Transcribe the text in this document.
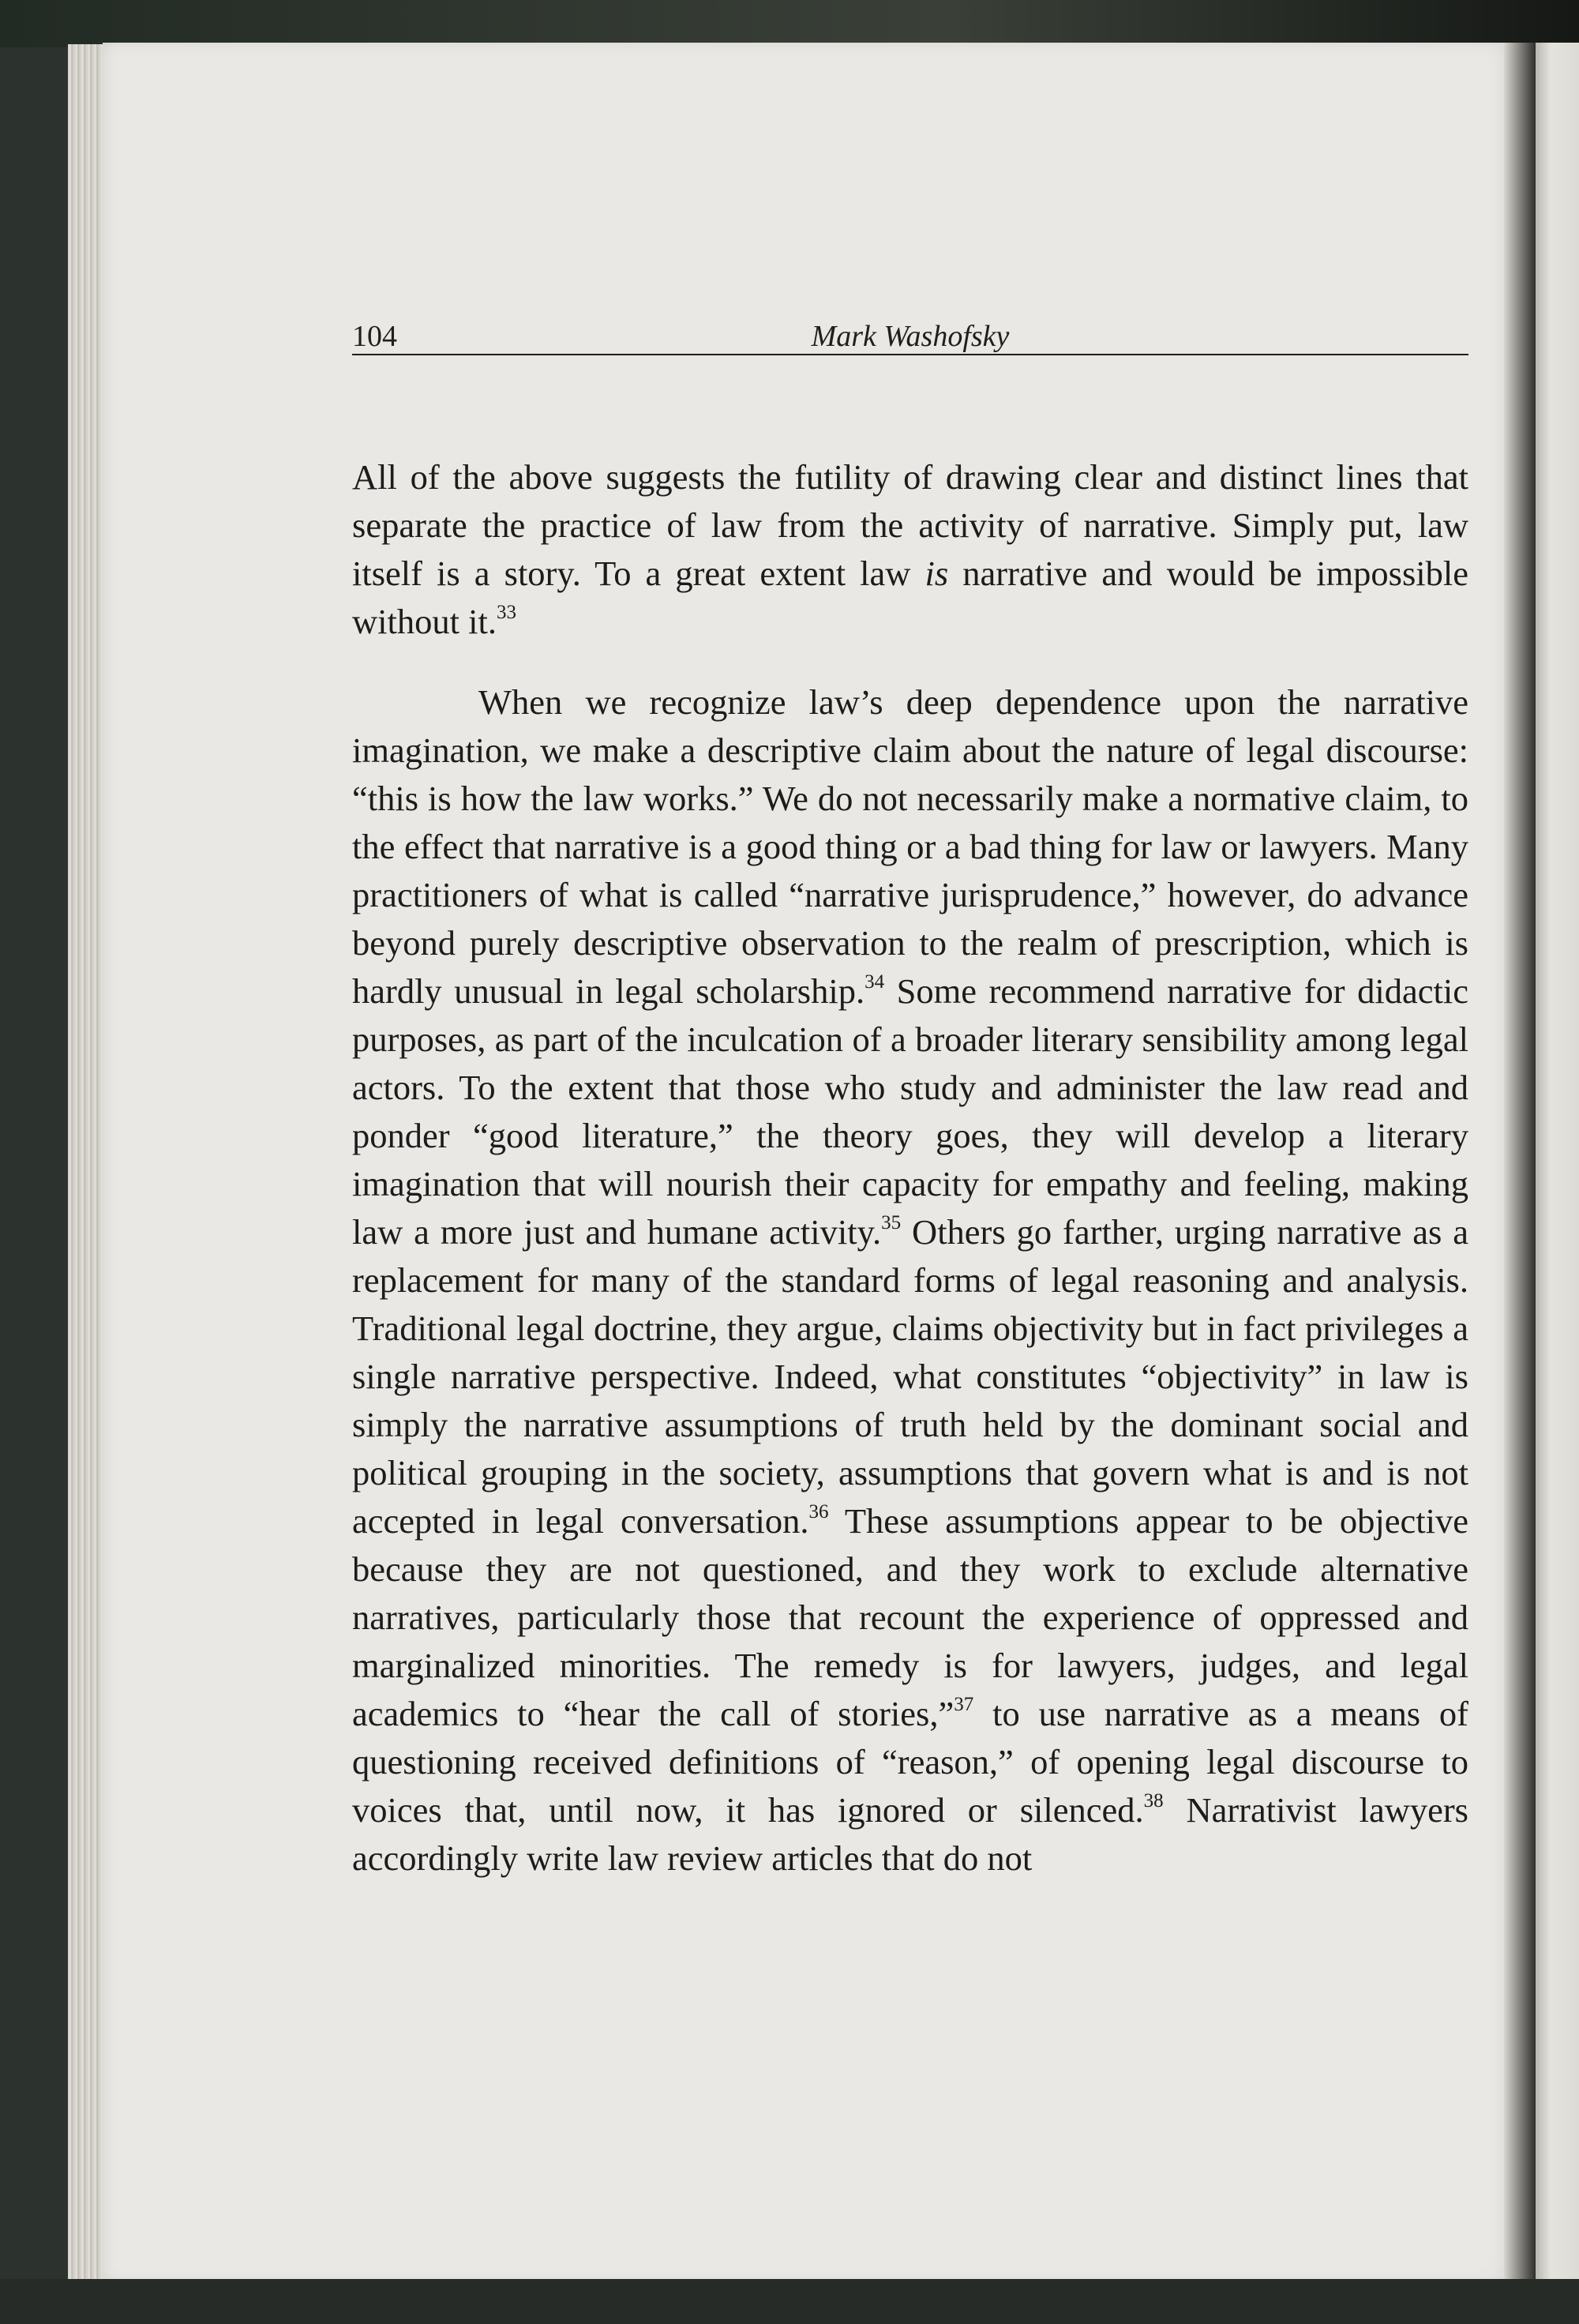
104	Mark Washofsky

All of the above suggests the futility of drawing clear and distinct lines that separate the practice of law from the activity of narrative. Simply put, law itself is a story. To a great extent law is narrative and would be impossible without it.$^{33}$

When we recognize law’s deep dependence upon the narrative imagination, we make a descriptive claim about the nature of legal discourse: “this is how the law works.” We do not necessarily make a normative claim, to the effect that narrative is a good thing or a bad thing for law or lawyers. Many practitioners of what is called “narrative jurisprudence,” however, do advance beyond purely descriptive observation to the realm of prescription, which is hardly unusual in legal scholarship.$^{34}$ Some recommend narrative for didactic purposes, as part of the inculcation of a broader literary sensibility among legal actors. To the extent that those who study and administer the law read and ponder “good literature,” the theory goes, they will develop a literary imagination that will nourish their capacity for empathy and feeling, making law a more just and humane activity.$^{35}$ Others go farther, urging narrative as a replacement for many of the standard forms of legal reasoning and analysis. Traditional legal doctrine, they argue, claims objectivity but in fact privileges a single narrative perspective. Indeed, what constitutes “objectivity” in law is simply the narrative assumptions of truth held by the dominant social and political grouping in the society, assumptions that govern what is and is not accepted in legal conversation.$^{36}$ These assumptions appear to be objective because they are not questioned, and they work to exclude alternative narratives, particularly those that recount the experience of oppressed and marginalized minorities. The remedy is for lawyers, judges, and legal academics to “hear the call of stories,”$^{37}$ to use narrative as a means of questioning received definitions of “reason,” of opening legal discourse to voices that, until now, it has ignored or silenced.$^{38}$ Narrativist lawyers accordingly write law review articles that do not
